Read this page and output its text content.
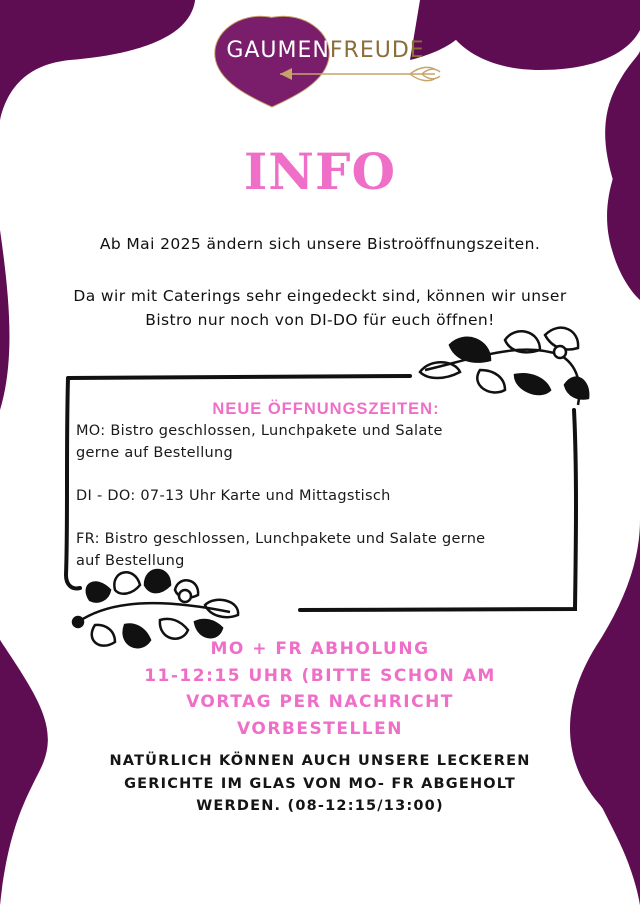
GAUMENFREUDE
INFO
Ab Mai 2025 ändern sich unsere Bistroöffnungszeiten.
Da wir mit Caterings sehr eingedeckt sind, können wir unser
Bistro nur noch von DI-DO für euch öffnen!
NEUE ÖFFNUNGSZEITEN:
MO: Bistro geschlossen, Lunchpakete und Salate
gerne auf Bestellung
DI - DO: 07-13 Uhr Karte und Mittagstisch
FR: Bistro geschlossen, Lunchpakete und Salate gerne
auf Bestellung
MO + FR ABHOLUNG
11-12:15 UHR (BITTE SCHON AM
VORTAG PER NACHRICHT
VORBESTELLEN
NATÜRLICH KÖNNEN AUCH UNSERE LECKEREN
GERICHTE IM GLAS VON MO- FR ABGEHOLT
WERDEN. (08-12:15/13:00)
